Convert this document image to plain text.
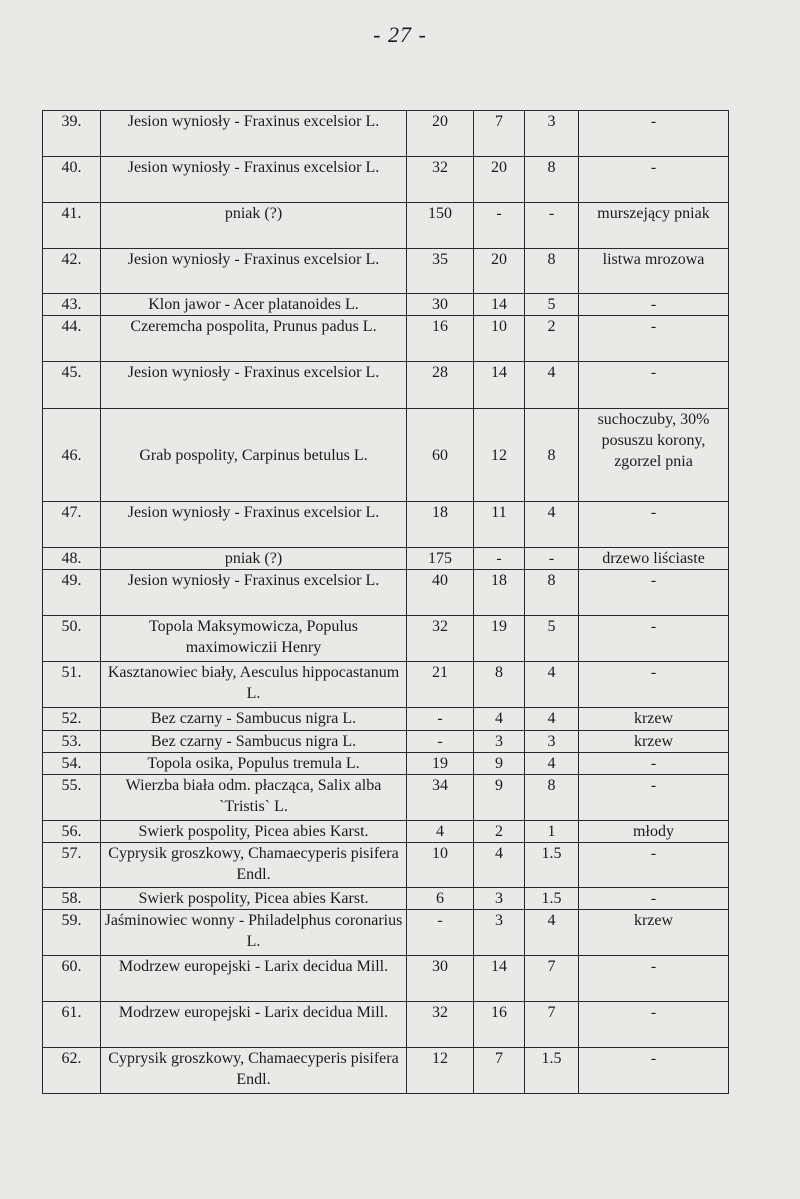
- 27 -
39.	Jesion wyniosły - Fraxinus excelsior L.	20	7	3	-
40.	Jesion wyniosły - Fraxinus excelsior L.	32	20	8	-
41.	pniak (?)	150	-	-	murszejący pniak
42.	Jesion wyniosły - Fraxinus excelsior L.	35	20	8	listwa mrozowa
43.	Klon jawor - Acer platanoides L.	30	14	5	-
44.	Czeremcha pospolita, Prunus padus L.	16	10	2	-
45.	Jesion wyniosły - Fraxinus excelsior L.	28	14	4	-
46.	Grab pospolity, Carpinus betulus L.	60	12	8	suchoczuby, 30% posuszu korony, zgorzel pnia
47.	Jesion wyniosły - Fraxinus excelsior L.	18	11	4	-
48.	pniak (?)	175	-	-	drzewo liściaste
49.	Jesion wyniosły - Fraxinus excelsior L.	40	18	8	-
50.	Topola Maksymowicza, Populus maximowiczii Henry	32	19	5	-
51.	Kasztanowiec biały, Aesculus hippocastanum L.	21	8	4	-
52.	Bez czarny - Sambucus nigra L.	-	4	4	krzew
53.	Bez czarny - Sambucus nigra L.	-	3	3	krzew
54.	Topola osika, Populus tremula L.	19	9	4	-
55.	Wierzba biała odm. płacząca, Salix alba `Tristis` L.	34	9	8	-
56.	Swierk pospolity, Picea abies Karst.	4	2	1	młody
57.	Cyprysik groszkowy, Chamaecyperis pisifera Endl.	10	4	1.5	-
58.	Swierk pospolity, Picea abies Karst.	6	3	1.5	-
59.	Jaśminowiec wonny - Philadelphus coronarius L.	-	3	4	krzew
60.	Modrzew europejski - Larix decidua Mill.	30	14	7	-
61.	Modrzew europejski - Larix decidua Mill.	32	16	7	-
62.	Cyprysik groszkowy, Chamaecyperis pisifera Endl.	12	7	1.5	-
